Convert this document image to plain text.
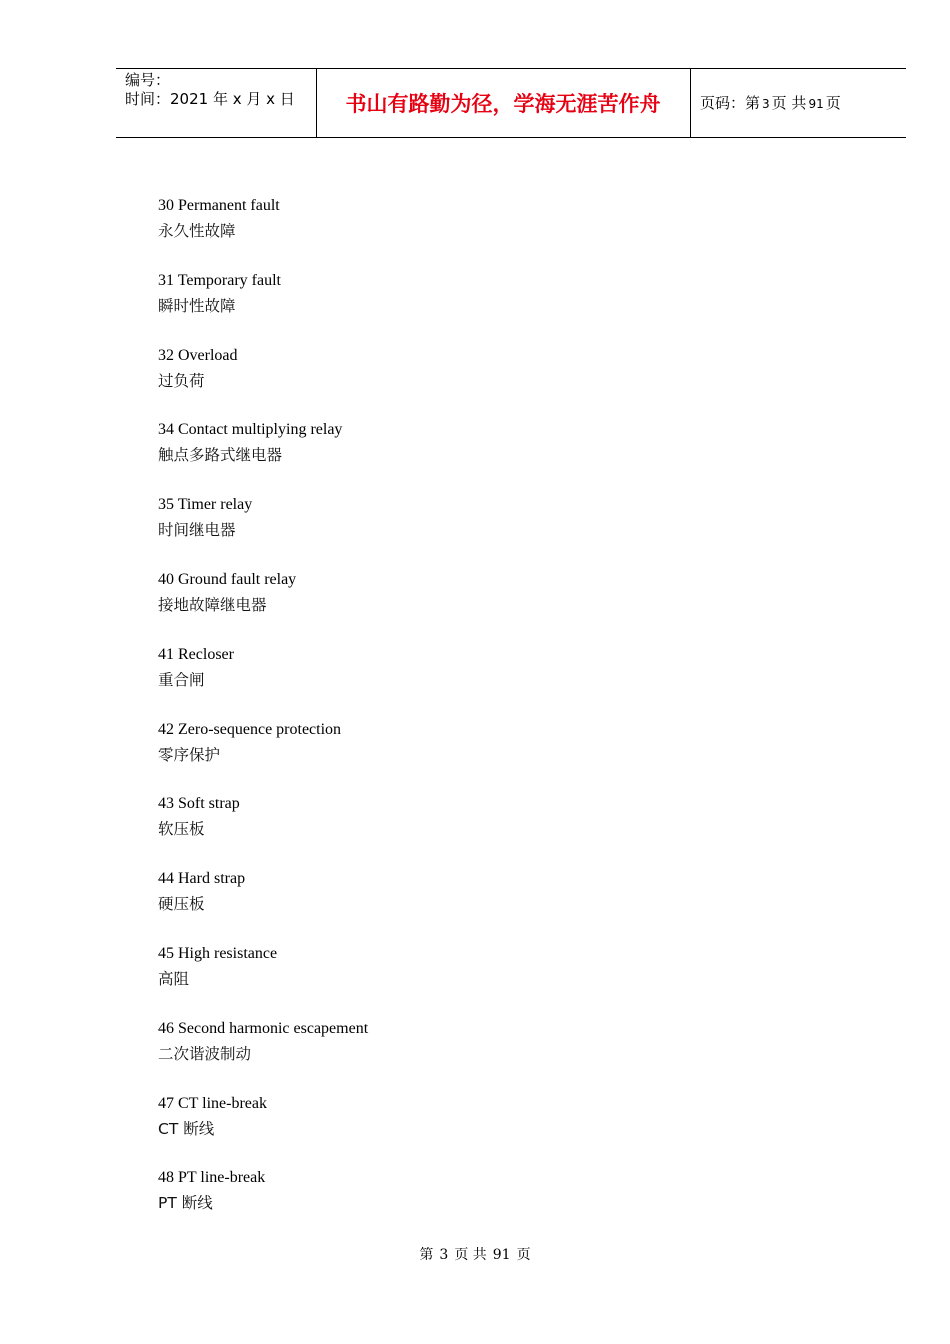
编号：
时间：2021 年 x 月 x 日	书山有路勤为径，学海无涯苦作舟	页码：第 3 页 共 91 页
30 Permanent fault
永久性故障
31 Temporary fault
瞬时性故障
32 Overload
过负荷
34 Contact multiplying relay
触点多路式继电器
35 Timer relay
时间继电器
40 Ground fault relay
接地故障继电器
41 Recloser
重合闸
42 Zero-sequence protection
零序保护
43 Soft strap
软压板
44 Hard strap
硬压板
45 High resistance
高阻
46 Second harmonic escapement
二次谐波制动
47 CT line-break
CT 断线
48 PT line-break
PT 断线
第 3 页 共 91 页
